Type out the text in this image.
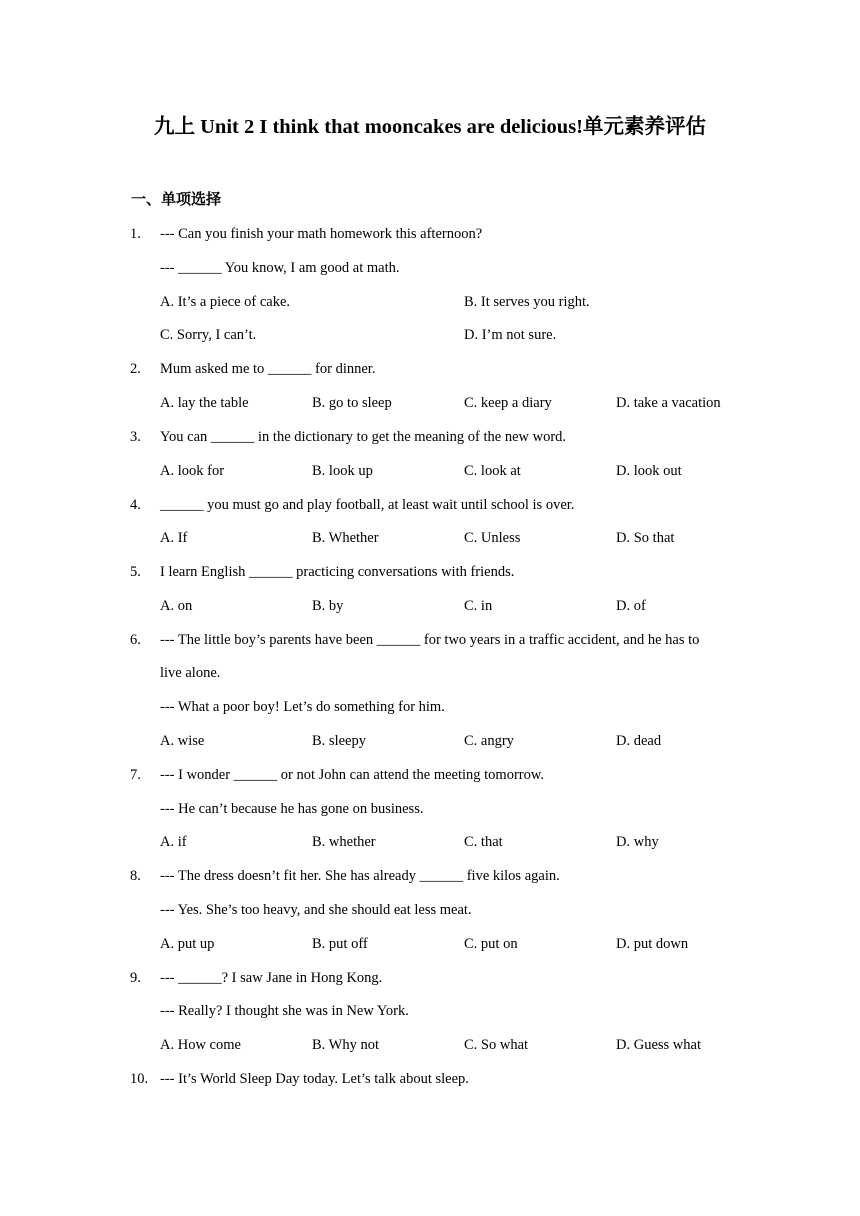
九上 Unit 2 I think that mooncakes are delicious!单元素养评估
一、单项选择
1. --- Can you finish your math homework this afternoon?
--- ______ You know, I am good at math.
A. It’s a piece of cake.	B. It serves you right.
C. Sorry, I can’t.	D. I’m not sure.
2. Mum asked me to ______ for dinner.
A. lay the table	B. go to sleep	C. keep a diary	D. take a vacation
3. You can ______ in the dictionary to get the meaning of the new word.
A. look for	B. look up	C. look at	D. look out
4. ______ you must go and play football, at least wait until school is over.
A. If	B. Whether	C. Unless	D. So that
5. I learn English ______ practicing conversations with friends.
A. on	B. by	C. in	D. of
6. --- The little boy’s parents have been ______ for two years in a traffic accident, and he has to
live alone.
--- What a poor boy! Let’s do something for him.
A. wise	B. sleepy	C. angry	D. dead
7. --- I wonder ______ or not John can attend the meeting tomorrow.
--- He can’t because he has gone on business.
A. if	B. whether	C. that	D. why
8. --- The dress doesn’t fit her. She has already ______ five kilos again.
--- Yes. She’s too heavy, and she should eat less meat.
A. put up	B. put off	C. put on	D. put down
9. --- ______? I saw Jane in Hong Kong.
--- Really? I thought she was in New York.
A. How come	B. Why not	C. So what	D. Guess what
10. --- It’s World Sleep Day today. Let’s talk about sleep.
